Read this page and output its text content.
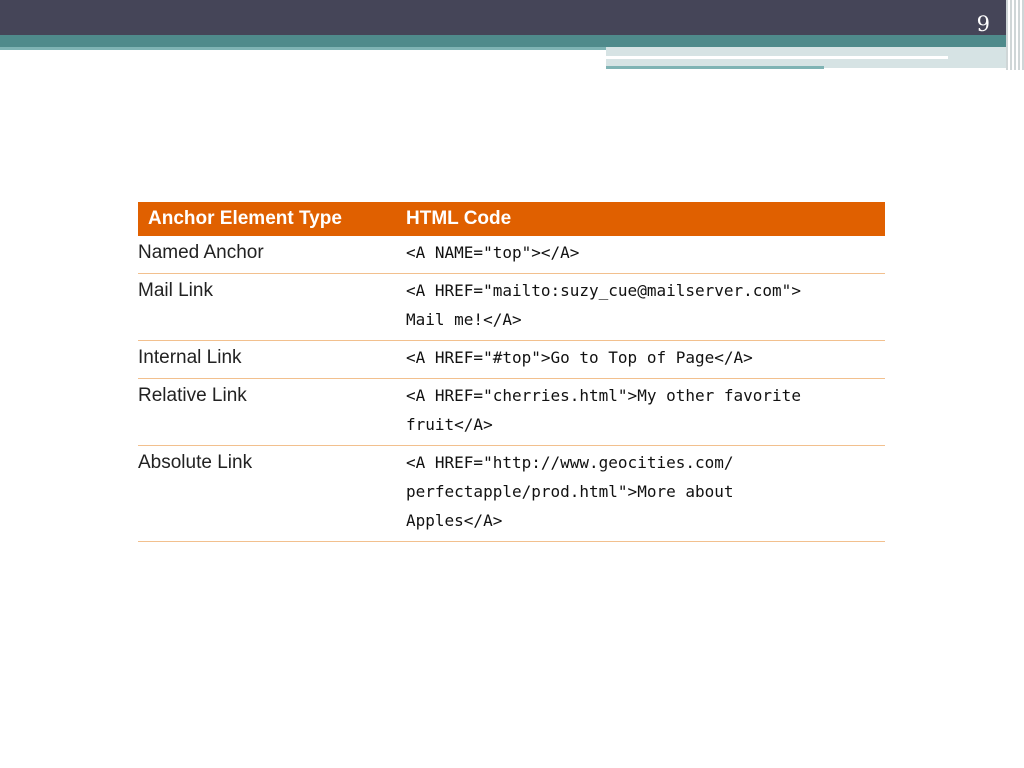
9
Anchor Element Type	HTML Code
Named Anchor	<A NAME="top"></A>

Mail Link	<A HREF="mailto:suzy_cue@mailserver.com">
Mail me!</A>

Internal Link	<A HREF="#top">Go to Top of Page</A>

Relative Link	<A HREF="cherries.html">My other favorite
fruit</A>

Absolute Link	<A HREF="http://www.geocities.com/
perfectapple/prod.html">More about
Apples</A>
